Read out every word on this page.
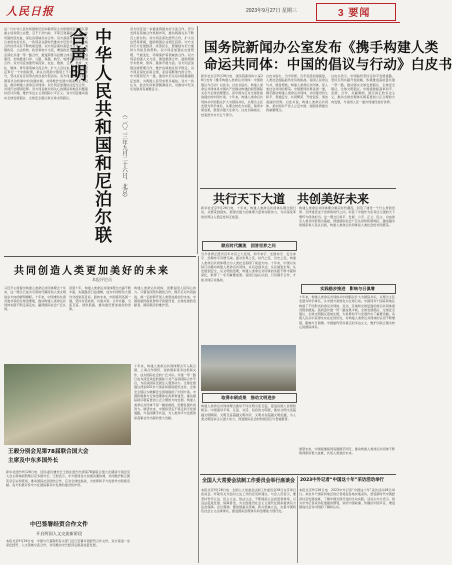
人民日报	2023年9月27日 星期三	3 要闻
这一以中华人民共和国和尼泊尔联邦民主共和国同意在相互尊重主权和领土完整、互不干涉内政、平等互利基础上，进一步巩固传统友谊，深化各领域务实合作。双方高度评价两国建交以来的友好关系，一致同意在新时代推动中尼世代友好的战略合作伙伴关系不断向前发展。双方同意保持高层交往势头，加强政府、立法机构、政党和地方交流，增进政治互信。双方同意深化共建一带一路合作，推进跨喜马拉雅立体互联互通网络建设，加快推进口岸、公路、铁路、航空、电网和通信等领域合作。双方同意加强贸易投资、农业、旅游、卫生、教育、文化、媒体、青年等领域交流合作，扩大人员往来。尼方重申坚定奉行一个中国政策，承认台湾是中国领土不可分割的一部分，坚决反对任何形式的台独分裂活动。双方同意加强在联合国等多边机制中的沟通协调，共同维护发展中国家的正当权益，推动构建人类命运共同体。双方同意加强执法安全合作，共同打击跨国犯罪。双方同意就共同关心的国际和地区问题保持密切沟通，维护多边主义和国际公平正义。双方同意推动落实全球发展倡议、全球安全倡议和全球文明倡议。	中华人民共和国和尼泊尔联合声明
（二〇二三年九月二十六日，北京）
双方同意进一步推进两国友好交流合作，充分发挥各领域合作机制作用，推动两国关系不断迈上新台阶。双方同意深化经贸合作，扩大双边贸易规模，鼓励两国企业相互投资。中方支持尼方发展经济、改善民生，愿继续为尼方提供力所能及的帮助。双方同意加强在灾害管理、气候变化、环境保护等领域的合作。双方同意加强人文交流，推进旅游合作，鼓励两国学术机构、智库、媒体开展交流。双方同意加强边境管理合作，维护边境地区和平稳定。双方同意深化在联合国、亚信等框架内的合作。中方愿同尼方一道，推动中尼关系持续健康稳定发展，为两国人民带来更多福祉。双方一致认为，此次访问取得圆满成功，对推动中尼关系发展具有重要意义。
国务院新闻办公室发布《携手构建人类
命运共同体：中国的倡议与行动》白皮书
新华社北京9月26日电　国务院新闻办公室26日发布《携手构建人类命运共同体：中国的倡议与行动》白皮书。白皮书指出，构建人类命运共同体是中国共产党推动构建的新型国际关系与全球治理理念，是中国为应对全球性挑战提出的中国方案。十年来，构建人类命运共同体从中国倡议扩大为国际共识，从理念主张发展为科学体系，从理念转化为实践，取得丰硕成果，展现出强大生命力。白皮书除前言、结束语外共分五个部分。
白皮书指出，当今世界，百年变局加速演进，人类社会面临前所未有的挑战。各国人民命运与共，唇齿相依。构建人类命运共同体，是人类社会共同的愿景。中国愿同世界各国一道，携手推动构建人类命运共同体，共同建设持久和平、普遍安全、共同繁荣、开放包容、清洁美丽的世界。白皮书说，构建人类命运共同体，是中国共产党人立足中国、放眼世界提出的重要理念。
白皮书表示，中国始终坚持走和平发展道路，坚持互利共赢开放战略，积极推进高质量共建一带一路，推动落实全球发展倡议、全球安全倡议、全球文明倡议。中国将继续高举和平、发展、合作、共赢旗帜，践行真正的多边主义，推动全球治理体系朝着更加公正合理的方向发展，与各国人民一道共同建设美好世界。
共行天下大道　共创美好未来
共同创造人类更加美好的未来
本报评论员
习近平主席提出构建人类命运共同体理念十年来，这一理念已成为引领时代潮流和人类文明进步方向的鲜明旗帜。十年来，中国秉持共商共建共享的全球治理观，推动构建人类命运共同体实践不断走深走实，赢得国际社会广泛认同。
回望十年，构建人类命运共同体理念内涵不断丰富，实践路径日益清晰，成为中国特色大国外交的崇高目标。面向未来，中国将同各国一道，坚持对话协商、共建共享、合作共赢、交流互鉴、绿色低碳，推动建设更加美好的世界。
构建人类命运共同体，需要各国人民同心协力。只要各国坚持团结合作，携手应对共同挑战，就一定能够开创人类更加美好的未来。中国将始终做世界和平的建设者、全球发展的贡献者、国际秩序的维护者。
王毅分别会见第78届联合国大会
主席及中东多国外长
新华社纽约9月26日电　国务委员兼外长王毅在纽约出席第78届联合国大会期间分别会见大会主席弗朗西斯以及多国外长。王毅表示，中方愿同各方加强沟通协调，共同维护联合国宪章宗旨和原则，推动国际社会团结合作，应对全球性挑战，为世界和平与发展作出积极贡献。各方积极评价中方在国际事务中发挥的建设性作用。
中巴签署经贸合作文件
开启两国人文交流新阶段
本报北京9月26日电　中国与巴基斯坦有关部门近日签署多项经贸合作文件，双方将进一步深化经贸、人文领域交流合作，共同推动中巴经济走廊高质量发展。
十年来，构建人类命运共同体理念写入联合国、上海合作组织、金砖国家等多边机制文件，成为国际社会的广泛共识。共建一带一路已成为深受欢迎的国际公共产品和国际合作平台，为沿线国家发展注入强劲动力。全球发展倡议得到100多个国家和国际组织支持，全球安全倡议为破解安全困境提供了中国方案。中国积极参与全球治理体系改革和建设，推动国际秩序朝着更加公正合理的方向发展。构建人类命运共同体不是一蹴而就的，需要各国共同努力。展望未来，中国将坚定不移走和平发展道路，与各国携手共进，为人类和平与发展的崇高事业作出新的更大贡献。
新华社北京9月26日电　十年来，构建人类命运共同体从理念到行动，从愿景到现实，展现出强大的真理力量和实践伟力，为动荡变革的世界注入稳定性和正能量。
构建人类命运共同体理念顺应时代潮流，回答了建设一个什么样的世界、怎样建设这个世界的时代之问，彰显了中国作为负责任大国的天下情怀与使命担当。这一理念以和平、发展、公平、正义、民主、自由的全人类共同价值为基础，得到国际社会广泛认同和积极响应，越来越多的国家和人民认识到，构建人类命运共同体是人类社会的共同愿景。
顺应时代潮流　回答世界之问
当今世界正经历百年未有之大变局，和平赤字、发展赤字、安全赤字、治理赤字有增无减。面对世界之变、时代之变、历史之变，构建人类命运共同体理念为人类社会指明了前进方向。十年来，中国以实际行动推动构建人类命运共同体，从双边到多边，从区域到全球，从发展到安全，从文明到治理，构建人类命运共同体的实践不断丰富和深化，取得了一系列重要成果。各国日益认识到，只有携手合作，才能共同应对挑战。
实践稳步推进　影响与日俱增
十年来，构建人类命运共同体从中国倡议扩大为国际共识，从理念主张发展为科学体系，从中国方案转化为全球行动。中国同多个国家和地区构建了不同形式的命运共同体，双边、区域和全球层面的命运共同体建设稳步推进。高质量共建一带一路成果丰硕，全球发展倡议、全球安全倡议、全球文明倡议落地生根，为世界和平与发展作出了重要贡献。各国人民从中获得实实在在的好处，对构建人类命运共同体的认同不断增强，影响与日俱增。中国始终坚持真正的多边主义，维护以联合国为核心的国际体系。
取得丰硕成果　推动文明进步
构建人类命运共同体理念推动不同文明交流互鉴，促进各国人民相知相亲。中国倡导平等、互鉴、对话、包容的文明观，推动文明交流超越文明隔阂、文明互鉴超越文明冲突、文明共存超越文明优越，为人类文明进步注入强大动力，得到国际社会的积极回应与普遍赞誉。
展望未来，中国将继续同各国携手同行，推动构建人类命运共同体不断取得新的更大成就，共创人类美好未来。
全国人大常委会法制工作委员会举行座谈会
本报北京9月26日电　全国人大常委会法制工作委员会26日在京举行座谈会，听取有关方面对立法工作的意见和建议。与会人员表示，要坚持科学立法、民主立法、依法立法，不断提高立法质量和效率，以良法促进发展、保障善治，为全面建设社会主义现代化国家提供有力法治保障。会议强调，要加强重点领域、新兴领域立法，完善中国特色社会主义法律体系，推进国家治理体系和治理能力现代化。
2023中外记者“中国这十年”采访活动举行
本报北京9月26日电　2023中外记者“中国这十年”采访活动26日举行。来自多个国家和地区的记者将赴各地实地采访，感受新时代中国经济社会发展成就，了解中国式现代化的生动实践。活动主办方表示，将为中外记者采访报道提供便利，讲好中国故事，传播好中国声音，增进国际社会对中国的了解和认识。
